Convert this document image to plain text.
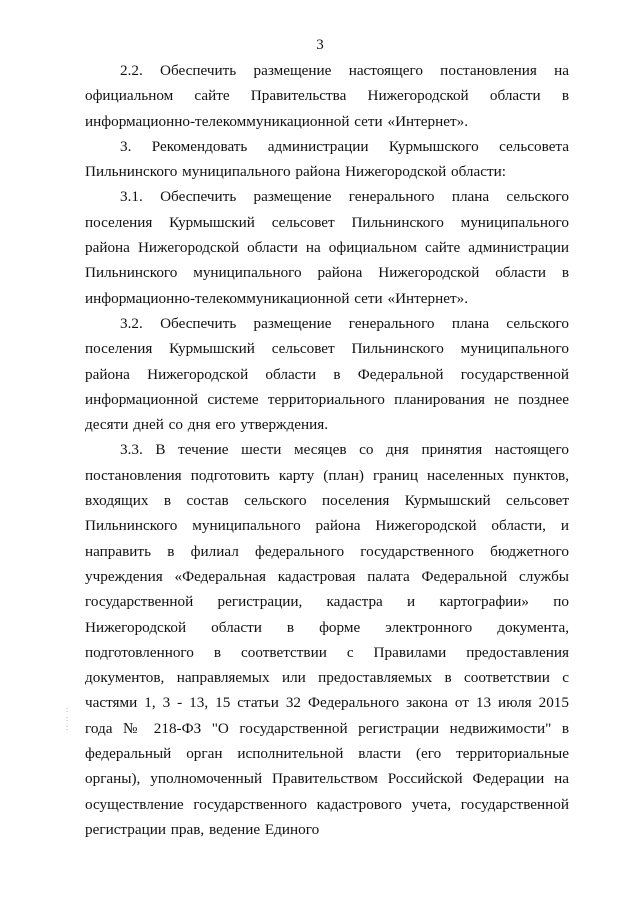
3

2.2. Обеспечить размещение настоящего постановления на официальном сайте Правительства Нижегородской области в информационно-телекоммуникационной сети «Интернет».

3. Рекомендовать администрации Курмышского сельсовета Пильнинского муниципального района Нижегородской области:

3.1. Обеспечить размещение генерального плана сельского поселения Курмышский сельсовет Пильнинского муниципального района Нижегородской области на официальном сайте администрации Пильнинского муниципального района Нижегородской области в информационно-телекоммуникационной сети «Интернет».

3.2. Обеспечить размещение генерального плана сельского поселения Курмышский сельсовет Пильнинского муниципального района Нижегородской области в Федеральной государственной информационной системе территориального планирования не позднее десяти дней со дня его утверждения.

3.3. В течение шести месяцев со дня принятия настоящего постановления подготовить карту (план) границ населенных пунктов, входящих в состав сельского поселения Курмышский сельсовет Пильнинского муниципального района Нижегородской области, и направить в филиал федерального государственного бюджетного учреждения «Федеральная кадастровая палата Федеральной службы государственной регистрации, кадастра и картографии» по Нижегородской области в форме электронного документа, подготовленного в соответствии с Правилами предоставления документов, направляемых или предоставляемых в соответствии с частями 1, 3 - 13, 15 статьи 32 Федерального закона от 13 июля 2015 года № 218-ФЗ "О государственной регистрации недвижимости" в федеральный орган исполнительной власти (его территориальные органы), уполномоченный Правительством Российской Федерации на осуществление государственного кадастрового учета, государственной регистрации прав, ведение Единого

:
:
:
